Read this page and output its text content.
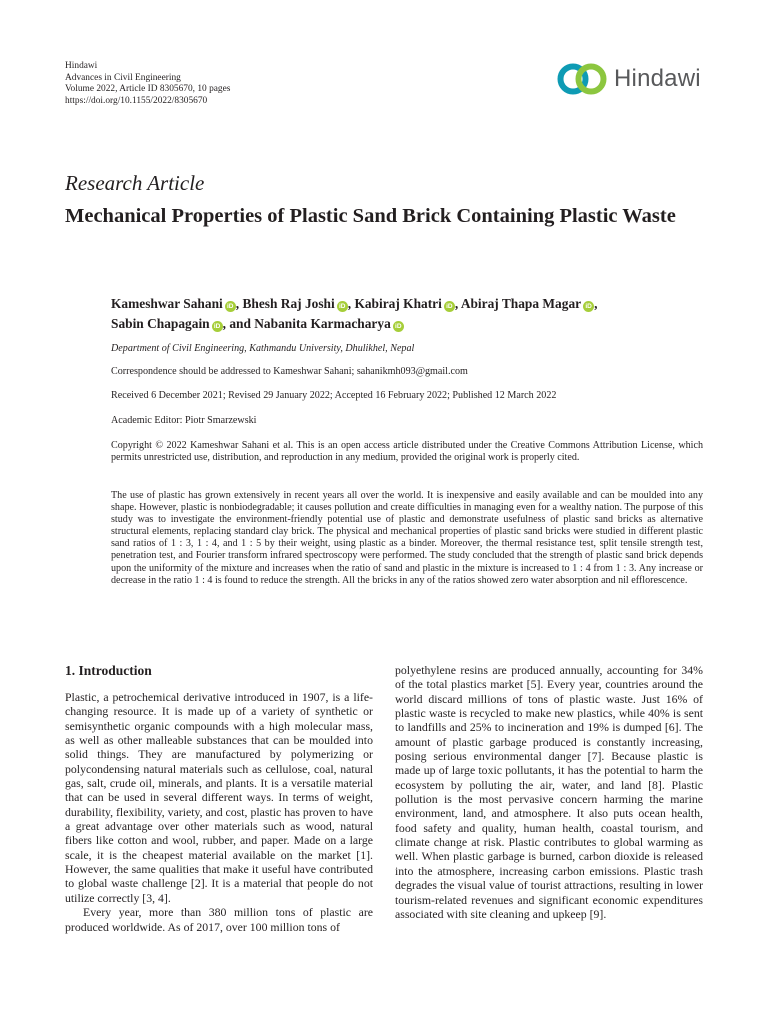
Hindawi
Advances in Civil Engineering
Volume 2022, Article ID 8305670, 10 pages
https://doi.org/10.1155/2022/8305670
Hindawi
Research Article
Mechanical Properties of Plastic Sand Brick Containing Plastic Waste
Kameshwar Sahani iD , Bhesh Raj Joshi iD , Kabiraj Khatri iD , Abiraj Thapa Magar iD ,
Sabin Chapagain iD , and Nabanita Karmacharya iD
Department of Civil Engineering, Kathmandu University, Dhulikhel, Nepal
Correspondence should be addressed to Kameshwar Sahani; sahanikmh093@gmail.com
Received 6 December 2021; Revised 29 January 2022; Accepted 16 February 2022; Published 12 March 2022
Academic Editor: Piotr Smarzewski
Copyright © 2022 Kameshwar Sahani et al. This is an open access article distributed under the Creative Commons Attribution License, which permits unrestricted use, distribution, and reproduction in any medium, provided the original work is properly cited.
The use of plastic has grown extensively in recent years all over the world. It is inexpensive and easily available and can be moulded into any shape. However, plastic is nonbiodegradable; it causes pollution and create difficulties in managing even for a wealthy nation. The purpose of this study was to investigate the environment-friendly potential use of plastic and demonstrate usefulness of plastic sand bricks as alternative structural elements, replacing standard clay brick. The physical and mechanical properties of plastic sand bricks were studied in different plastic sand ratios of 1 : 3, 1 : 4, and 1 : 5 by their weight, using plastic as a binder. Moreover, the thermal resistance test, split tensile strength test, penetration test, and Fourier transform infrared spectroscopy were performed. The study concluded that the strength of plastic sand brick depends upon the uniformity of the mixture and increases when the ratio of sand and plastic in the mixture is increased to 1 : 4 from 1 : 3. Any increase or decrease in the ratio 1 : 4 is found to reduce the strength. All the bricks in any of the ratios showed zero water absorption and nil efflorescence.
1. Introduction

Plastic, a petrochemical derivative introduced in 1907, is a life-changing resource. It is made up of a variety of synthetic or semisynthetic organic compounds with a high molecular mass, as well as other malleable substances that can be moulded into solid things. They are manufactured by polymerizing or polycondensing natural materials such as cellulose, coal, natural gas, salt, crude oil, minerals, and plants. It is a versatile material that can be used in several different ways. In terms of weight, durability, flexibility, variety, and cost, plastic has proven to have a great advantage over other materials such as wood, natural fibers like cotton and wool, rubber, and paper. Made on a large scale, it is the cheapest material available on the market [1]. However, the same qualities that make it useful have contributed to global waste challenge [2]. It is a material that people do not utilize correctly [3, 4].

Every year, more than 380 million tons of plastic are produced worldwide. As of 2017, over 100 million tons of

polyethylene resins are produced annually, accounting for 34% of the total plastics market [5]. Every year, countries around the world discard millions of tons of plastic waste. Just 16% of plastic waste is recycled to make new plastics, while 40% is sent to landfills and 25% to incineration and 19% is dumped [6]. The amount of plastic garbage produced is constantly increasing, posing serious environmental danger [7]. Because plastic is made up of large toxic pollutants, it has the potential to harm the ecosystem by polluting the air, water, and land [8]. Plastic pollution is the most pervasive concern harming the marine environment, land, and atmosphere. It also puts ocean health, food safety and quality, human health, coastal tourism, and climate change at risk. Plastic contributes to global warming as well. When plastic garbage is burned, carbon dioxide is released into the atmosphere, increasing carbon emissions. Plastic trash degrades the visual value of tourist attractions, resulting in lower tourism-related revenues and significant economic expenditures associated with site cleaning and upkeep [9].
